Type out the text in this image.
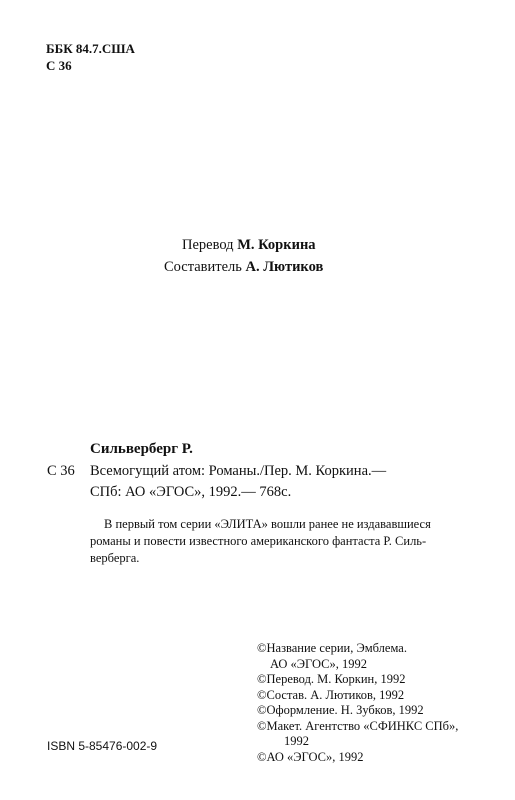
ББК 84.7.США
С 36
Перевод М. Коркина
Составитель А. Лютиков
Сильверберг Р.
С 36 Всемогущий атом: Романы./Пер. М. Коркина.—
СПб: АО «ЭГОС», 1992.— 768с.
В первый том серии «ЭЛИТА» вошли ранее не издававшиеся
романы и повести известного американского фантаста Р. Силь-
верберга.
©Название серии, Эмблема.
АО «ЭГОС», 1992
©Перевод. М. Коркин, 1992
©Состав. А. Лютиков, 1992
©Оформление. Н. Зубков, 1992
©Макет. Агентство «СФИНКС СПб»,
1992
©АО «ЭГОС», 1992
ISBN 5-85476-002-9
